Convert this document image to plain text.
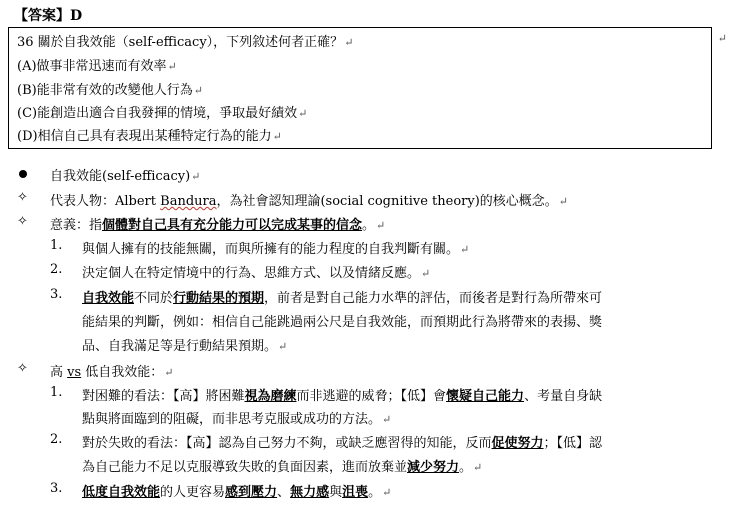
【答案】D
36 關於自我效能（self-efficacy），下列敘述何者正確？↵
(A)做事非常迅速而有效率↵
(B)能非常有效的改變他人行為↵
(C)能創造出適合自我發揮的情境，爭取最好績效↵
(D)相信自己具有表現出某種特定行為的能力↵
↵
自我效能(self-efficacy)↵
✧ 代表人物：Albert Bandura，為社會認知理論(social cognitive theory)的核心概念。↵
✧ 意義：指個體對自己具有充分能力可以完成某事的信念。↵
1. 與個人擁有的技能無關，而與所擁有的能力程度的自我判斷有關。↵
2. 決定個人在特定情境中的行為、思維方式、以及情緒反應。↵
3. 自我效能不同於行動結果的預期，前者是對自己能力水準的評估，而後者是對行為所帶來可
能結果的判斷，例如：相信自己能跳過兩公尺是自我效能，而預期此行為將帶來的表揚、獎
品、自我滿足等是行動結果預期。↵
✧ 高 vs 低自我效能：↵
1. 對困難的看法：【高】將困難視為磨練而非逃避的威脅；【低】會懷疑自己能力、考量自身缺
點與將面臨到的阻礙，而非思考克服或成功的方法。↵
2. 對於失敗的看法：【高】認為自己努力不夠，或缺乏應習得的知能，反而促使努力；【低】認
為自己能力不足以克服導致失敗的負面因素，進而放棄並減少努力。↵
3. 低度自我效能的人更容易感到壓力、無力感與沮喪。↵
